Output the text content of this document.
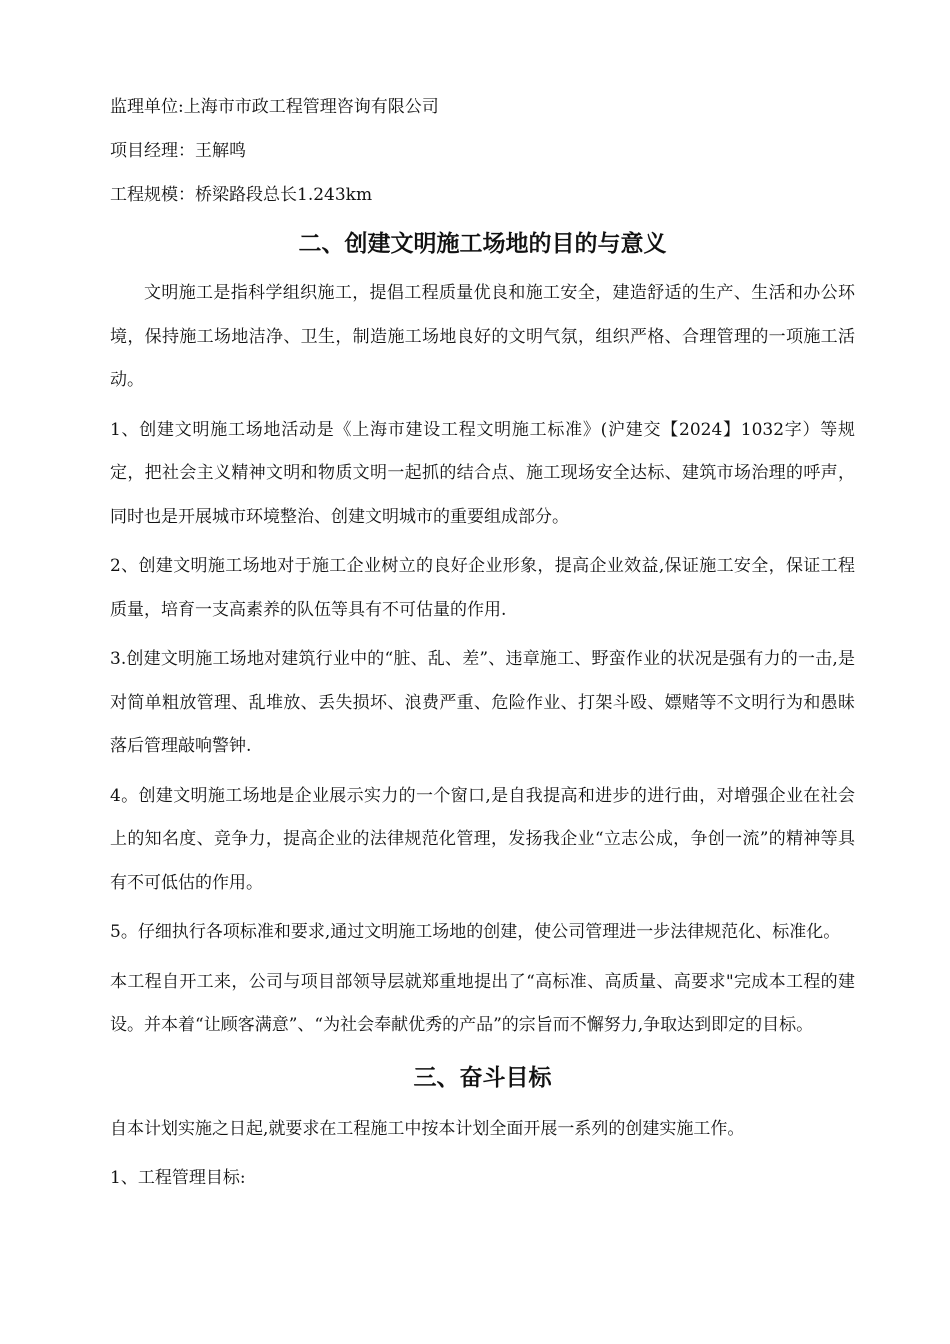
监理单位:上海市市政工程管理咨询有限公司

项目经理：王解鸣

工程规模：桥梁路段总长1.243km

二、创建文明施工场地的目的与意义

文明施工是指科学组织施工，提倡工程质量优良和施工安全，建造舒适的生产、生活和办公环境，保持施工场地洁净、卫生，制造施工场地良好的文明气氛，组织严格、合理管理的一项施工活动。

1、创建文明施工场地活动是《上海市建设工程文明施工标准》(沪建交【2024】1032字）等规定，把社会主义精神文明和物质文明一起抓的结合点、施工现场安全达标、建筑市场治理的呼声，同时也是开展城市环境整治、创建文明城市的重要组成部分。

2、创建文明施工场地对于施工企业树立的良好企业形象，提高企业效益,保证施工安全，保证工程质量，培育一支高素养的队伍等具有不可估量的作用.

3.创建文明施工场地对建筑行业中的“脏、乱、差”、违章施工、野蛮作业的状况是强有力的一击,是对简单粗放管理、乱堆放、丢失损坏、浪费严重、危险作业、打架斗殴、嫖赌等不文明行为和愚昧落后管理敲响警钟.

4。创建文明施工场地是企业展示实力的一个窗口,是自我提高和进步的进行曲，对增强企业在社会上的知名度、竞争力，提高企业的法律规范化管理，发扬我企业“立志公成，争创一流”的精神等具有不可低估的作用。

5。仔细执行各项标准和要求,通过文明施工场地的创建，使公司管理进一步法律规范化、标准化。

本工程自开工来，公司与项目部领导层就郑重地提出了“高标准、高质量、高要求"完成本工程的建设。并本着“让顾客满意”、“为社会奉献优秀的产品”的宗旨而不懈努力,争取达到即定的目标。

三、奋斗目标

自本计划实施之日起,就要求在工程施工中按本计划全面开展一系列的创建实施工作。

1、工程管理目标:
